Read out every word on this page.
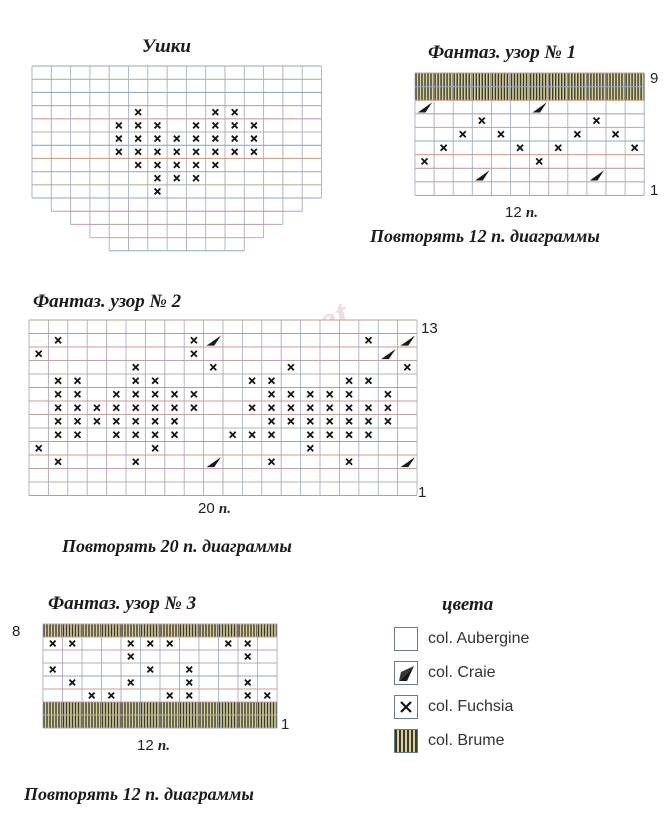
Ушки	Фантаз. узор № 1
9
1
12 п.
Повторять 12 п. диаграммы
Фантаз. узор № 2
13
1
20 п.
Повторять 20 п. диаграммы
Фантаз. узор № 3
8
1
12 п.
Повторять 12 п. диаграммы
цвета
col. Aubergine
col. Craie
col. Fuchsia
col. Brume
